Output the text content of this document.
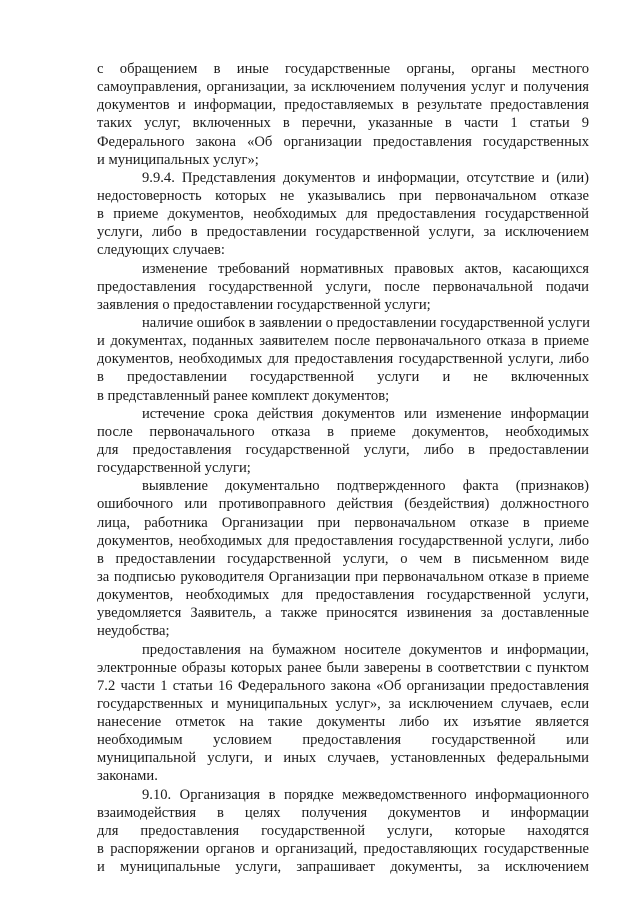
с обращением в иные государственные органы, органы местного
самоуправления, организации, за исключением получения услуг и получения
документов и информации, предоставляемых в результате предоставления
таких услуг, включенных в перечни, указанные в части 1 статьи 9
Федерального закона «Об организации предоставления государственных
и муниципальных услуг»;
9.9.4. Представления документов и информации, отсутствие и (или)
недостоверность которых не указывались при первоначальном отказе
в приеме документов, необходимых для предоставления государственной
услуги, либо в предоставлении государственной услуги, за исключением
следующих случаев:
изменение требований нормативных правовых актов, касающихся
предоставления государственной услуги, после первоначальной подачи
заявления о предоставлении государственной услуги;
наличие ошибок в заявлении о предоставлении государственной услуги
и документах, поданных заявителем после первоначального отказа в приеме
документов, необходимых для предоставления государственной услуги, либо
в предоставлении государственной услуги и не включенных
в представленный ранее комплект документов;
истечение срока действия документов или изменение информации
после первоначального отказа в приеме документов, необходимых
для предоставления государственной услуги, либо в предоставлении
государственной услуги;
выявление документально подтвержденного факта (признаков)
ошибочного или противоправного действия (бездействия) должностного
лица, работника Организации при первоначальном отказе в приеме
документов, необходимых для предоставления государственной услуги, либо
в предоставлении государственной услуги, о чем в письменном виде
за подписью руководителя Организации при первоначальном отказе в приеме
документов, необходимых для предоставления государственной услуги,
уведомляется Заявитель, а также приносятся извинения за доставленные
неудобства;
предоставления на бумажном носителе документов и информации,
электронные образы которых ранее были заверены в соответствии с пунктом
7.2 части 1 статьи 16 Федерального закона «Об организации предоставления
государственных и муниципальных услуг», за исключением случаев, если
нанесение отметок на такие документы либо их изъятие является
необходимым условием предоставления государственной или
муниципальной услуги, и иных случаев, установленных федеральными
законами.
9.10. Организация в порядке межведомственного информационного
взаимодействия в целях получения документов и информации
для предоставления государственной услуги, которые находятся
в распоряжении органов и организаций, предоставляющих государственные
и муниципальные услуги, запрашивает документы, за исключением
